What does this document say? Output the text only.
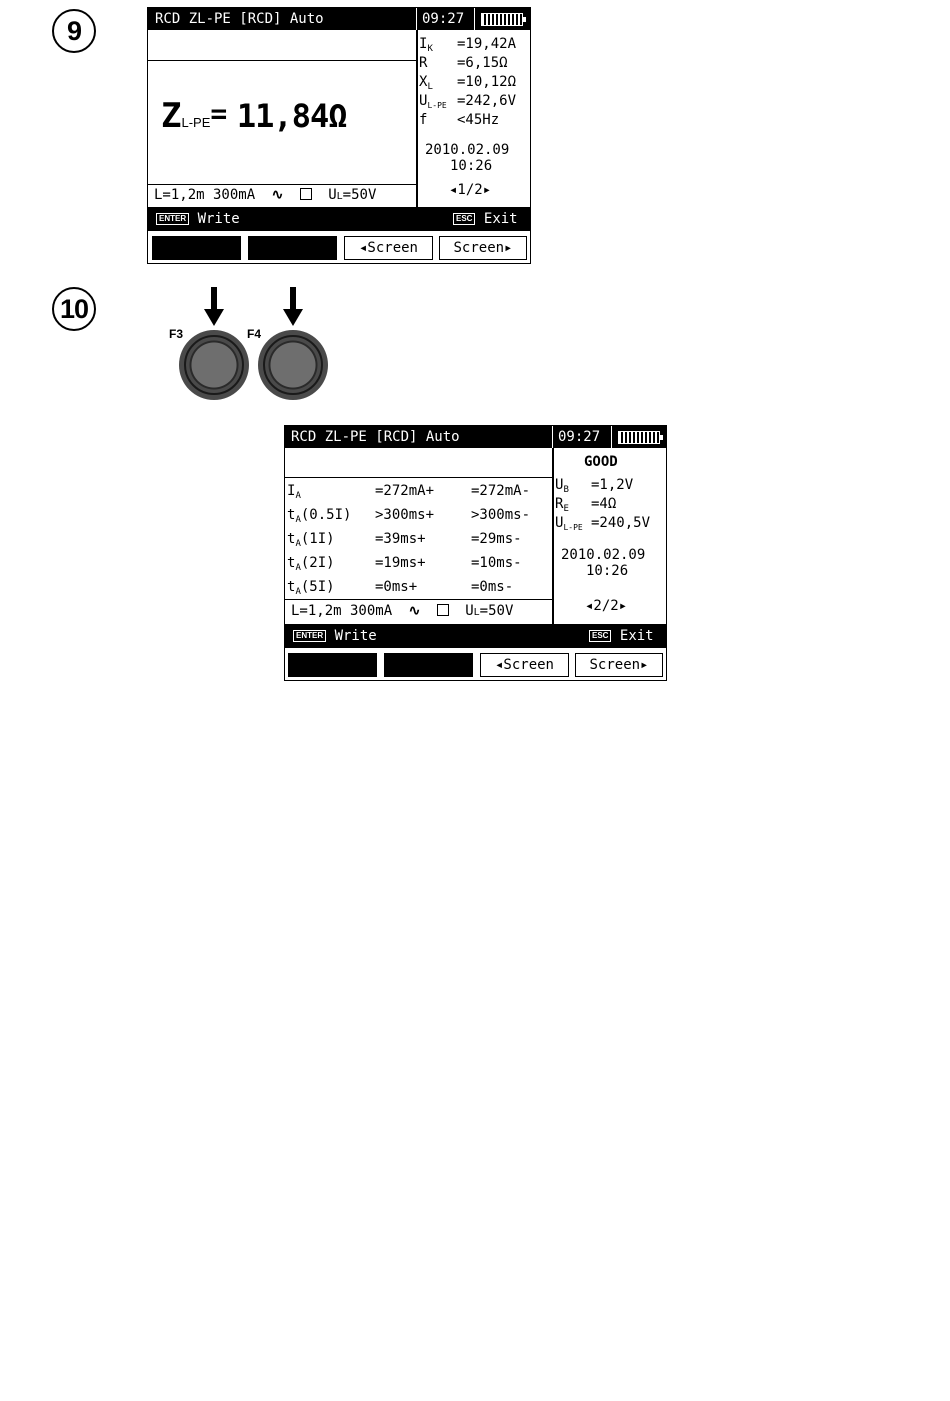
9	RCD ZL-PE [RCD] Auto	09:27
ZL-PE= 11,84Ω
L=1,2m 300mA ∿	UL=50V
$I_K =19,42A$
R =6,15Ω
$X_L =10,12\Omega$
$U_{L-PE} =242,6V$
f <45Hz
2010.02.09
10:26
◂1/2▸
ENTER Write	ESC Exit
◂Screen	Screen▸
10
F3	F4
RCD ZL-PE [RCD] Auto	09:27
$I_A$	=272mA+	=272mA-
$t_A(0.5I) >300ms+$	>300ms-
$t_A(1I)$	=39ms+	=29ms-
$t_A(2I)$	=19ms+	=10ms-
$t_A(5I)$	=0ms+	=0ms-
L=1,2m 300mA ∿	UL=50V
GOOD
$U_B =1,2V$
$R_E =4\Omega$
$U_{L-PE} =240,5V$
2010.02.09
10:26
◂2/2▸
ENTER Write	ESC Exit
◂Screen	Screen▸
